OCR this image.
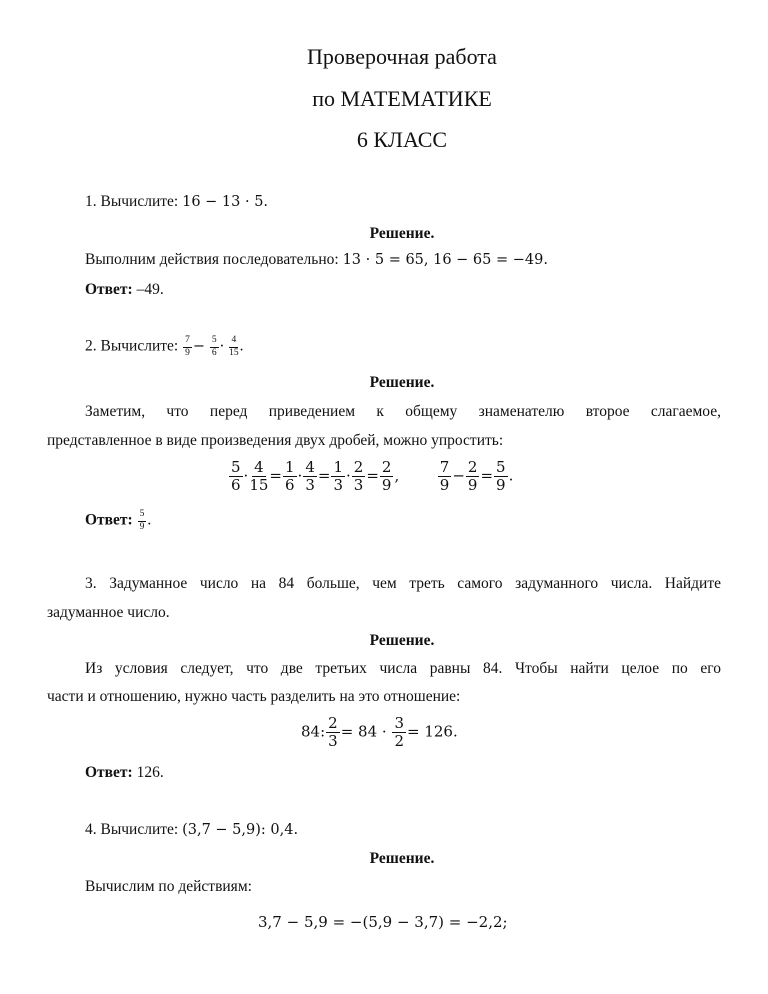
Проверочная работа
по МАТЕМАТИКЕ
6 КЛАСС
1. Вычислите: 16 − 13 · 5.
Решение.
Выполним действия последовательно: 13 · 5 = 65, 16 − 65 = −49.
Ответ: –49.
2. Вычислите: $\frac{7}{9} - \frac{5}{6} \cdot \frac{4}{15}$ .
Решение.
Заметим, что перед приведением к общему знаменателю второе слагаемое,
представленное в виде произведения двух дробей, можно упростить:
$\frac{5}{6} \cdot \frac{4}{15} = \frac{1}{6} \cdot \frac{4}{3} = \frac{1}{3} \cdot \frac{2}{3} = \frac{2}{9}$ ,	$\frac{7}{9} - \frac{2}{9} = \frac{5}{9}$ .
Ответ: $\frac{5}{9}$ .
3. Задуманное число на 84 больше, чем треть самого задуманного числа. Найдите
задуманное число.
Решение.
Из условия следует, что две третьих числа равны 84. Чтобы найти целое по его
части и отношению, нужно часть разделить на это отношение:
84: $\frac{2}{3} = 84 \cdot \frac{3}{2} = 126$.
Ответ: 126.
4. Вычислите: (3,7 − 5,9): 0,4.
Решение.
Вычислим по действиям:
3,7 − 5,9 = −(5,9 − 3,7) = −2,2;
